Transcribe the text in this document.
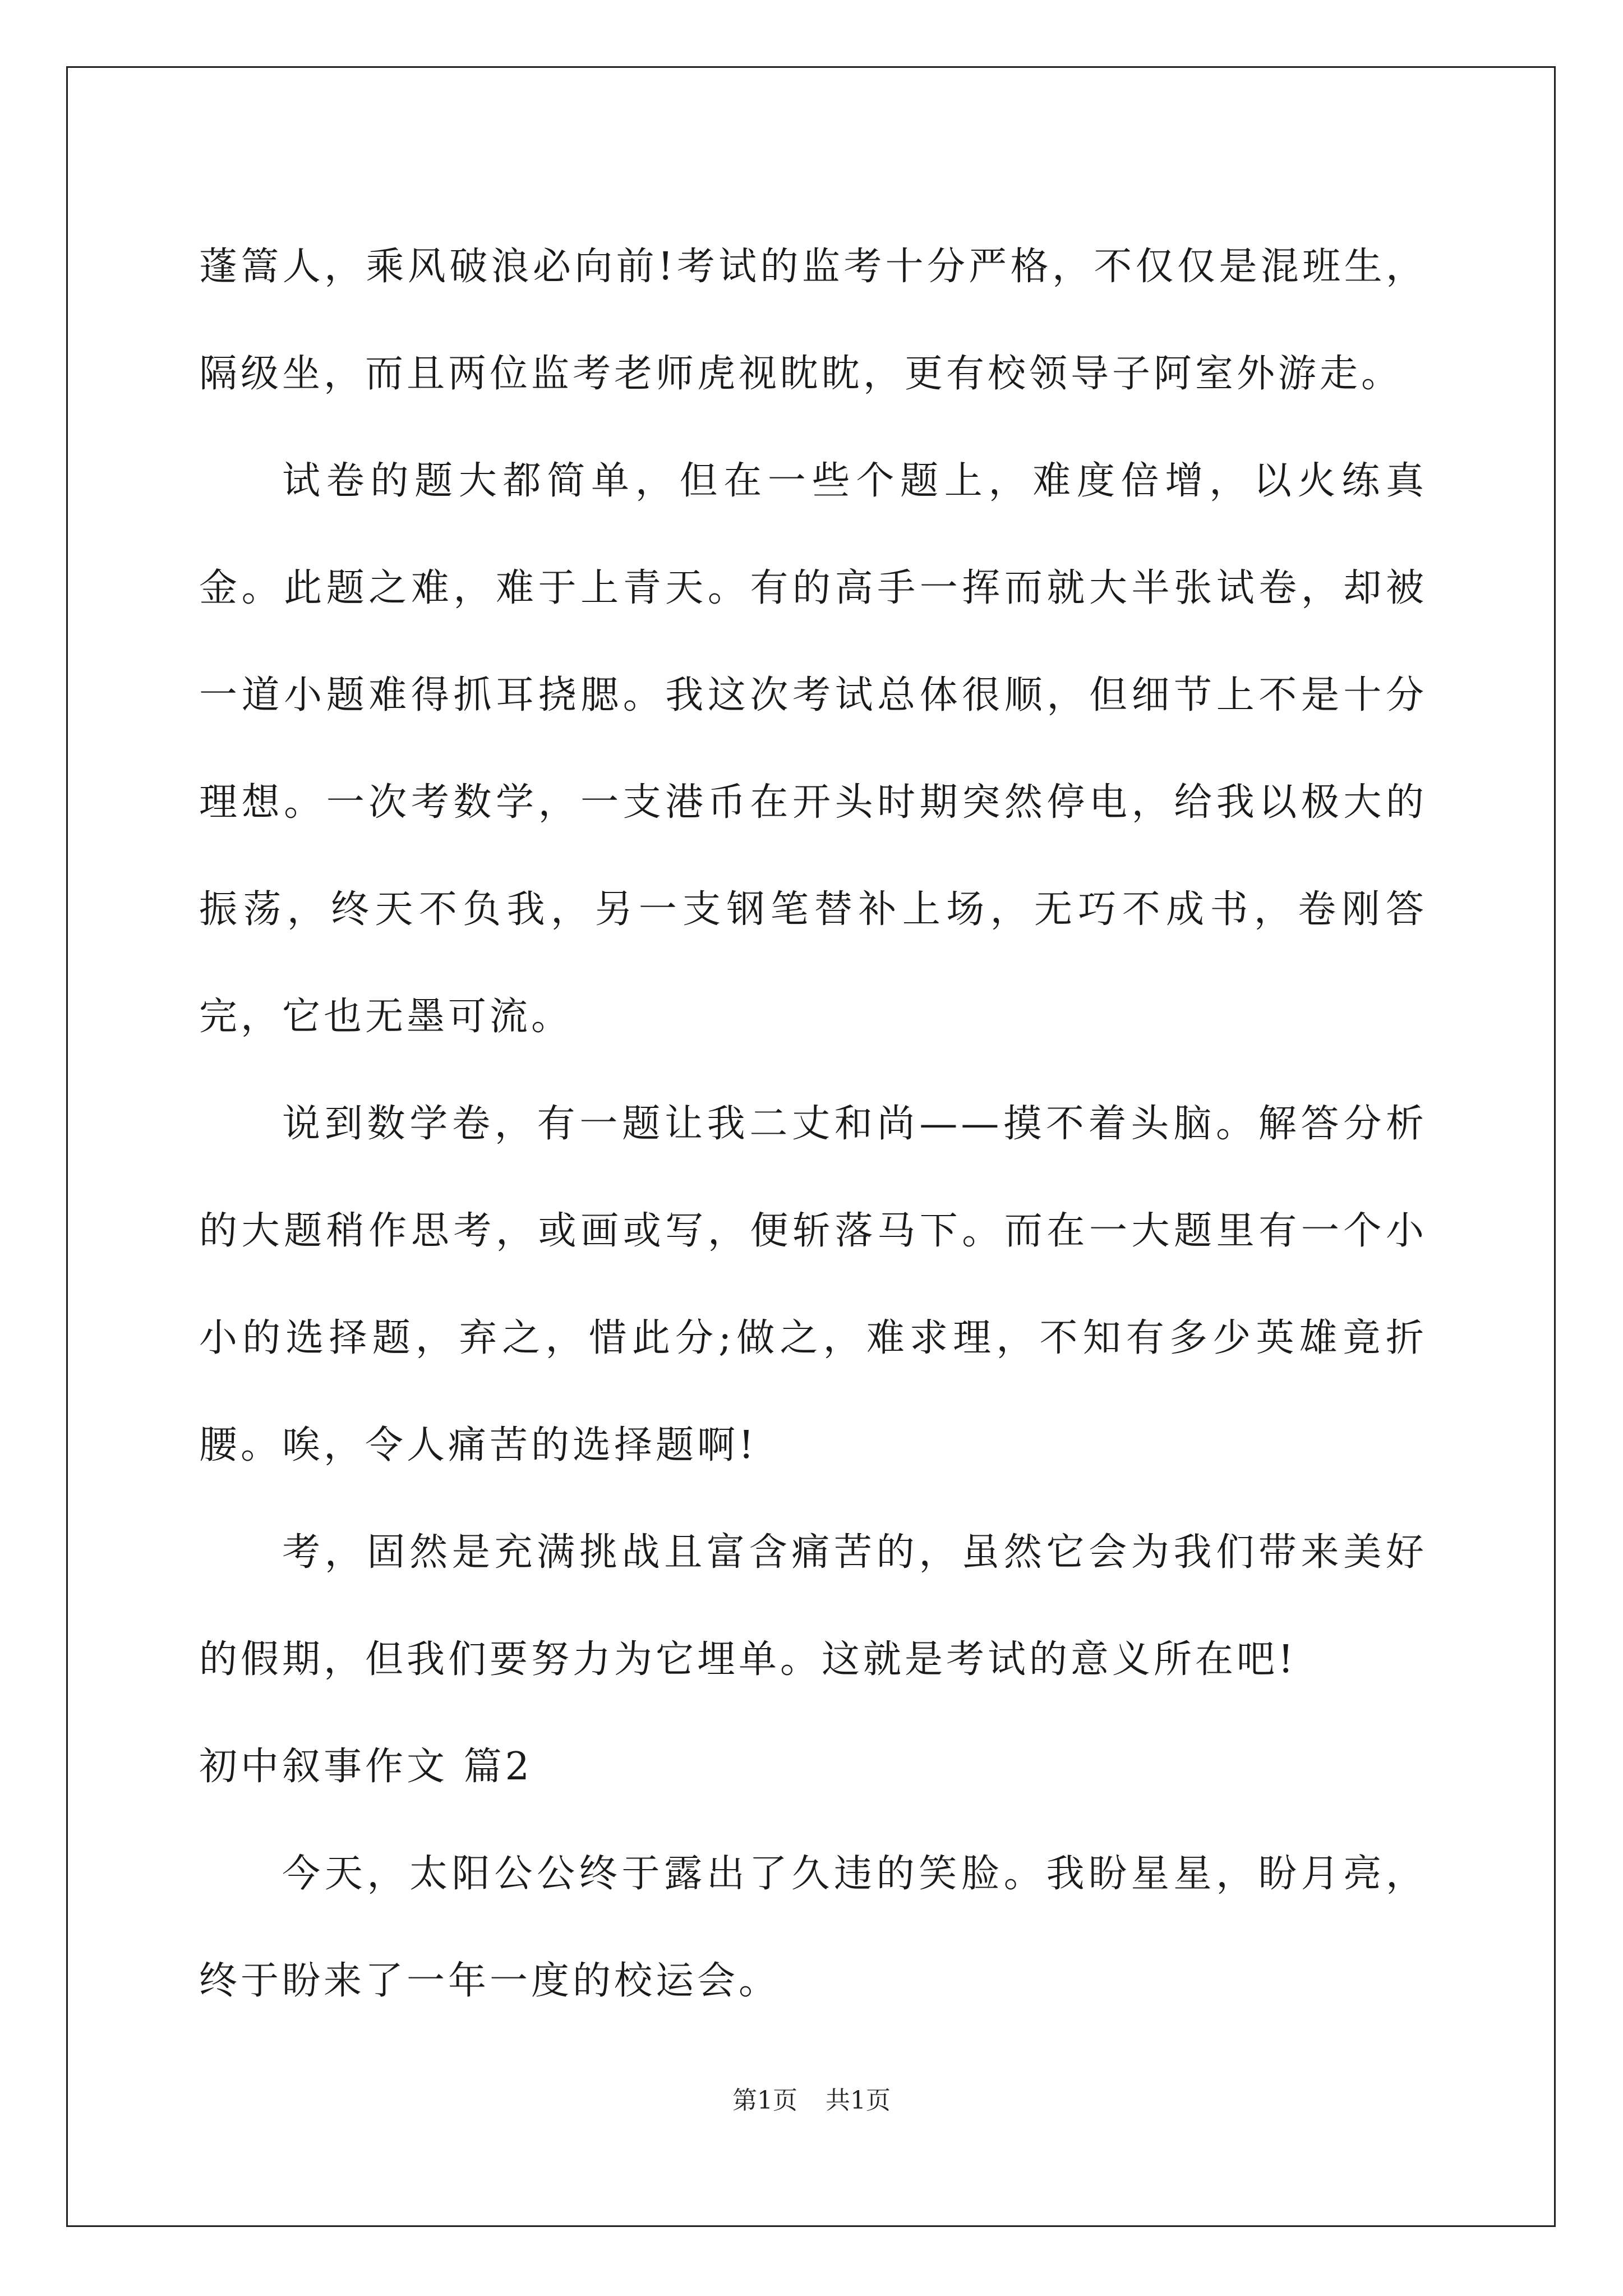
蓬篙人，乘风破浪必向前!考试的监考十分严格，不仅仅是混班生，隔级坐，而且两位监考老师虎视眈眈，更有校领导子阿室外游走。

试卷的题大都简单，但在一些个题上，难度倍增，以火练真金。此题之难，难于上青天。有的高手一挥而就大半张试卷，却被一道小题难得抓耳挠腮。我这次考试总体很顺，但细节上不是十分理想。一次考数学，一支港币在开头时期突然停电，给我以极大的振荡，终天不负我，另一支钢笔替补上场，无巧不成书，卷刚答完，它也无墨可流。

说到数学卷，有一题让我二丈和尚——摸不着头脑。解答分析的大题稍作思考，或画或写，便斩落马下。而在一大题里有一个小小的选择题，弃之，惜此分;做之，难求理，不知有多少英雄竟折腰。唉，令人痛苦的选择题啊!

考，固然是充满挑战且富含痛苦的，虽然它会为我们带来美好的假期，但我们要努力为它埋单。这就是考试的意义所在吧!

初中叙事作文 篇2

今天，太阳公公终于露出了久违的笑脸。我盼星星，盼月亮，终于盼来了一年一度的校运会。

第1页 共1页
